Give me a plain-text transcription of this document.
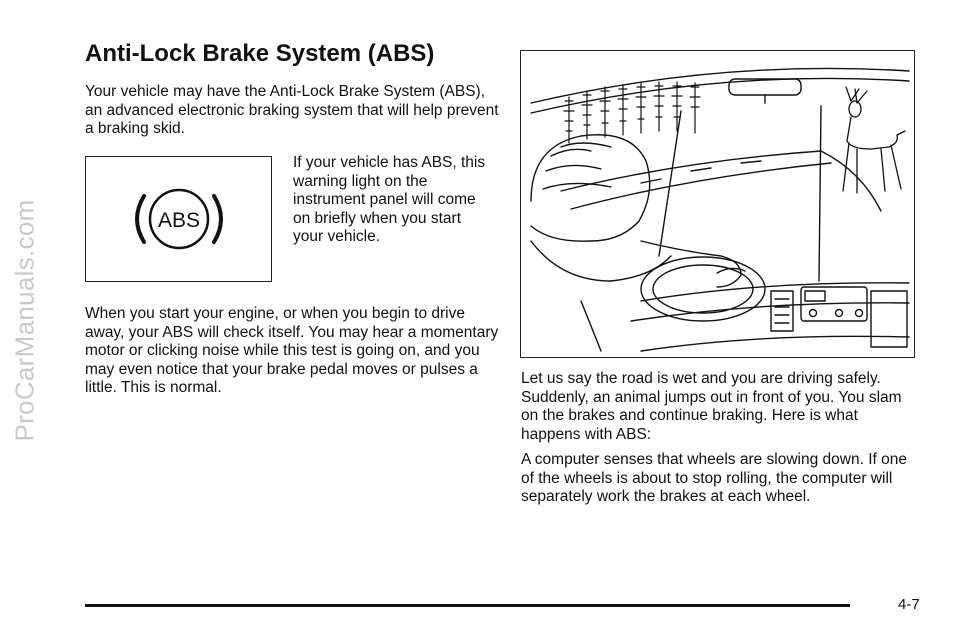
ProCarManuals.com
Anti-Lock Brake System (ABS)

Your vehicle may have the Anti-Lock Brake System (ABS), an advanced electronic braking system that will help prevent a braking skid.

ABS

If your vehicle has ABS, this warning light on the instrument panel will come on briefly when you start your vehicle.

When you start your engine, or when you begin to drive away, your ABS will check itself. You may hear a momentary motor or clicking noise while this test is going on, and you may even notice that your brake pedal moves or pulses a little. This is normal.

Let us say the road is wet and you are driving safely. Suddenly, an animal jumps out in front of you. You slam on the brakes and continue braking. Here is what happens with ABS:

A computer senses that wheels are slowing down. If one of the wheels is about to stop rolling, the computer will separately work the brakes at each wheel.

4-7
